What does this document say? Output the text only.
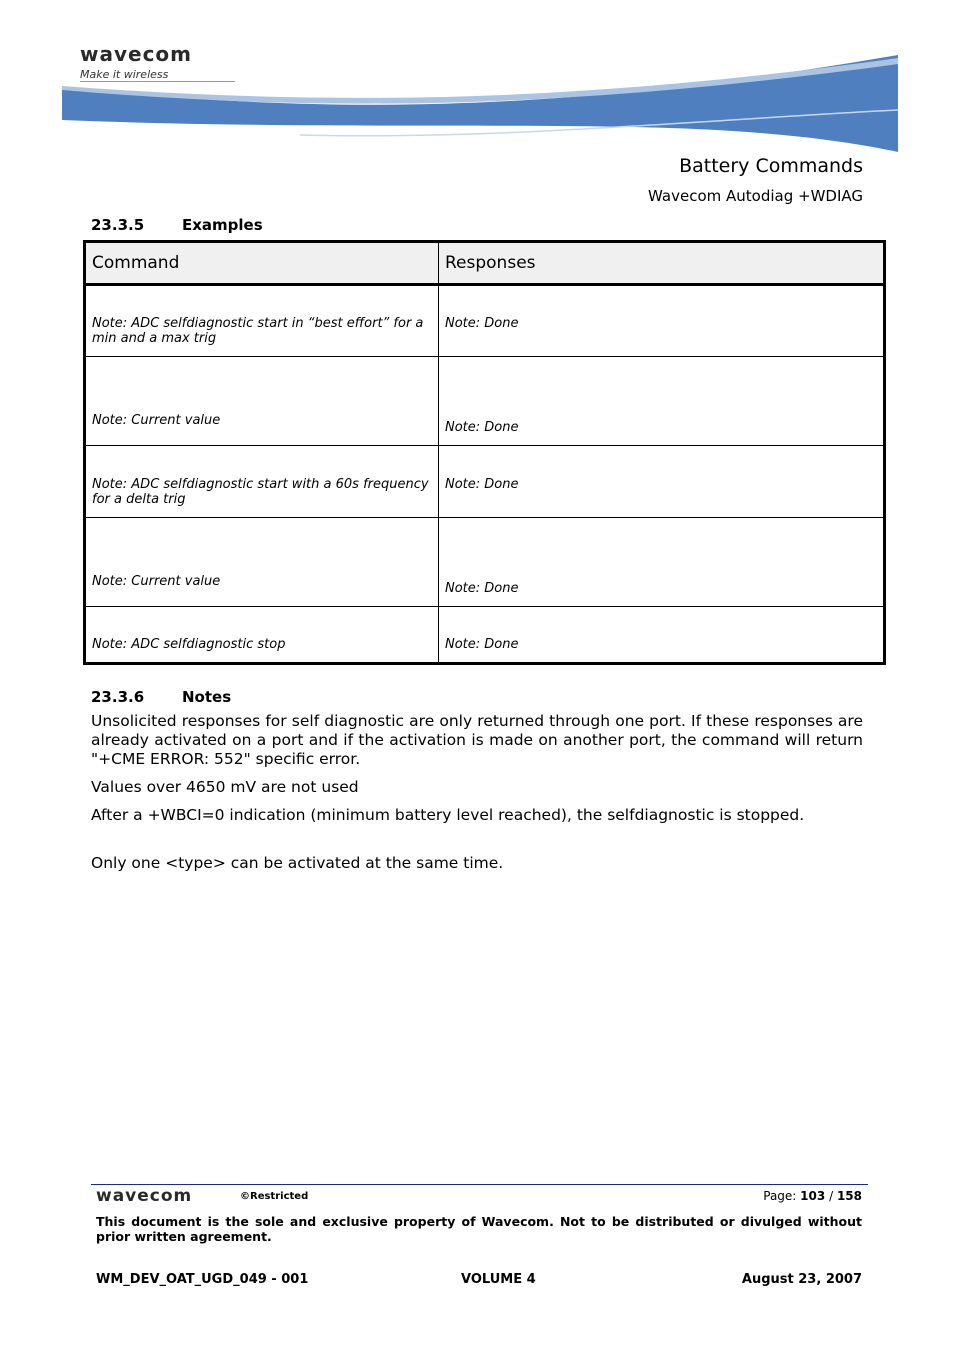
wavecom
Make it wireless
Battery Commands
Wavecom Autodiag +WDIAG
23.3.5	Examples
Command	Responses
Note: ADC selfdiagnostic start in “best effort” for a min and a max trig	Note: Done
Note: Current value	Note: Done
Note: ADC selfdiagnostic start with a 60s frequency for a delta trig	Note: Done
Note: Current value	Note: Done
Note: ADC selfdiagnostic stop	Note: Done
23.3.6	Notes
Unsolicited responses for self diagnostic are only returned through one port. If these responses are already activated on a port and if the activation is made on another port, the command will return "+CME ERROR: 552" specific error.
Values over 4650 mV are not used
After a +WBCI=0 indication (minimum battery level reached), the selfdiagnostic is stopped.
Only one <type> can be activated at the same time.
wavecom	©Restricted	Page: 103 / 158
This document is the sole and exclusive property of Wavecom. Not to be distributed or divulged without prior written agreement.
WM_DEV_OAT_UGD_049 - 001	VOLUME 4	August 23, 2007
